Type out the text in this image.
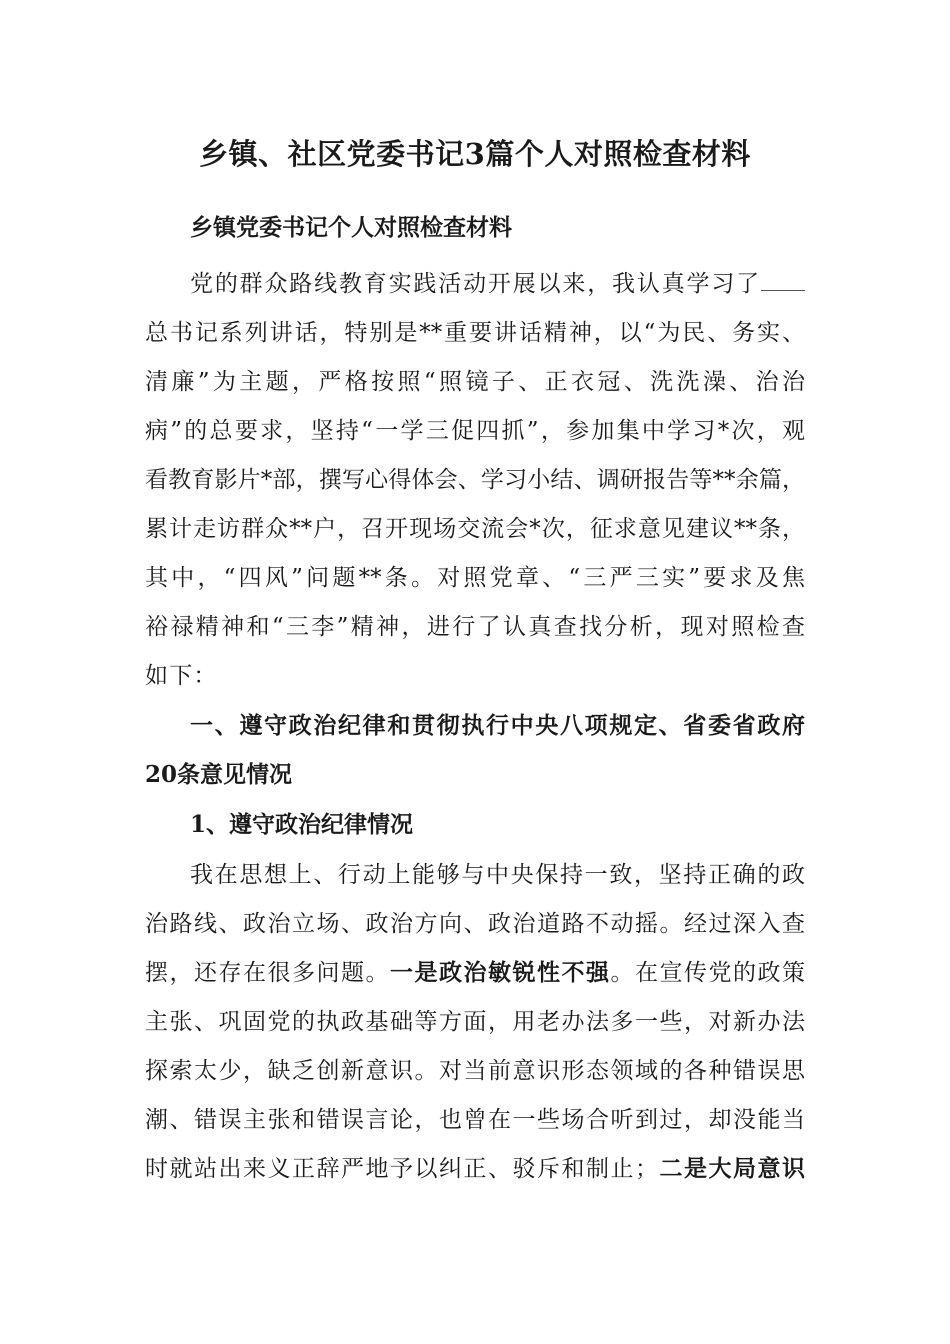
乡镇、社区党委书记3篇个人对照检查材料
乡镇党委书记个人对照检查材料
党的群众路线教育实践活动开展以来，我认真学习了
总书记系列讲话，特别是**重要讲话精神，以“为民、务实、
清廉”为主题，严格按照“照镜子、正衣冠、洗洗澡、治治
病”的总要求，坚持“一学三促四抓”，参加集中学习*次，观
看教育影片*部，撰写心得体会、学习小结、调研报告等**余篇，
累计走访群众**户，召开现场交流会*次，征求意见建议**条，
其中，“四风”问题**条。对照党章、“三严三实”要求及焦
裕禄精神和“三李”精神，进行了认真查找分析，现对照检查
如下：
一、遵守政治纪律和贯彻执行中央八项规定、省委省政府
20条意见情况
1、遵守政治纪律情况
我在思想上、行动上能够与中央保持一致，坚持正确的政
治路线、政治立场、政治方向、政治道路不动摇。经过深入查
摆，还存在很多问题。一是政治敏锐性不强。在宣传党的政策
主张、巩固党的执政基础等方面，用老办法多一些，对新办法
探索太少，缺乏创新意识。对当前意识形态领域的各种错误思
潮、错误主张和错误言论，也曾在一些场合听到过，却没能当
时就站出来义正辞严地予以纠正、驳斥和制止；二是大局意识
